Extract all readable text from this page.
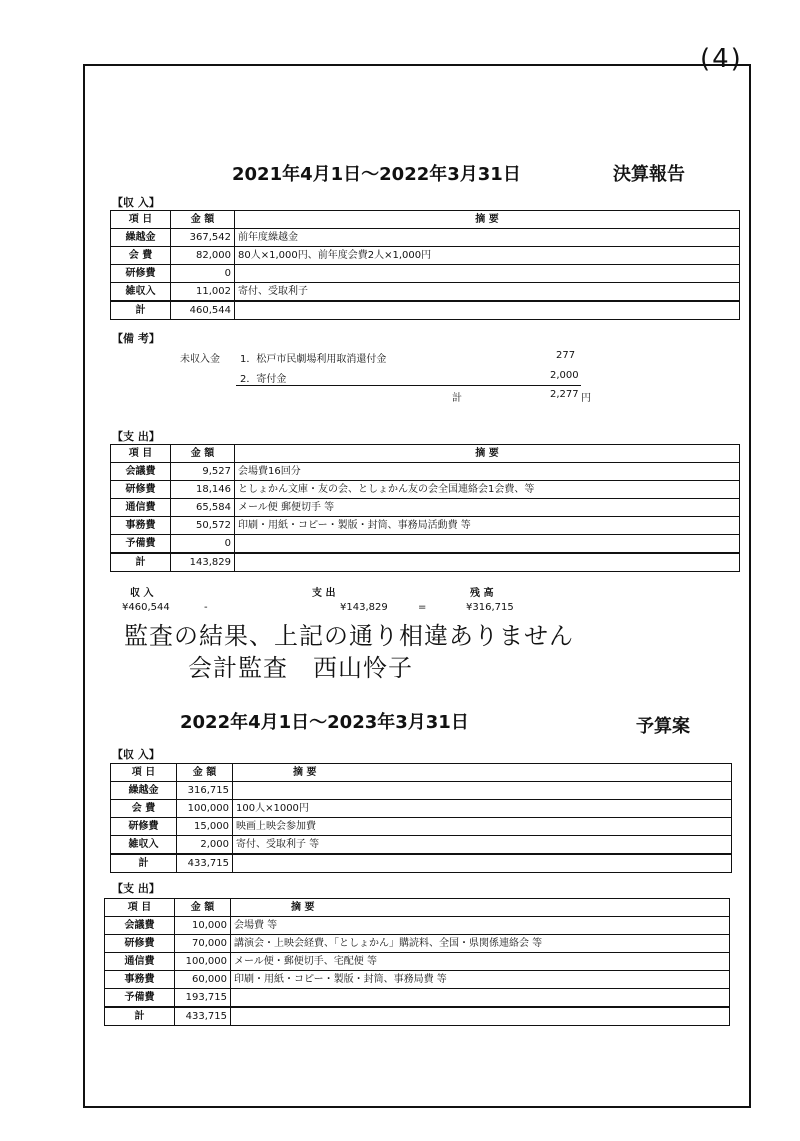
(4)
2021年4月1日～2022年3月31日	決算報告
【収 入】
項 日	金 額	摘 要
繰越金	367,542	前年度繰越金
会 費	82,000	80人×1,000円、前年度会費2人×1,000円
研修費	0	
雑収入	11,002	寄付、受取利子
計	460,544	
【備 考】
未収入金 1．松戸市民劇場利用取消還付金	277
2．寄付金	2,000
計	2,277 円
【支 出】
項 目	金 額	摘 要
会議費	9,527	会場費16回分
研修費	18,146	としょかん文庫・友の会、としょかん友の会全国連絡会1会費、等
通信費	65,584	メール便 郵便切手 等
事務費	50,572	印刷・用紙・コピー・製版・封筒、事務局活動費 等
予備費	0	
計	143,829	
収 入	支 出	残 高
¥460,544	-	¥143,829	=	¥316,715
監査の結果、上記の通り相違ありません
会計監査　西山怜子
2022年4月1日～2023年3月31日	予算案
【収 入】
項 日	金 額	摘 要
繰越金	316,715	
会 費	100,000	100人×1000円
研修費	15,000	映画上映会参加費
雑収入	2,000	寄付、受取利子 等
計	433,715	
【支 出】
項 目	金 額	摘 要
会議費	10,000	会場費 等
研修費	70,000	講演会・上映会経費、「としょかん」購読料、全国・県関係連絡会 等
通信費	100,000	メール便・郵便切手、宅配便 等
事務費	60,000	印刷・用紙・コピー・製版・封筒、事務局費 等
予備費	193,715	
計	433,715	
